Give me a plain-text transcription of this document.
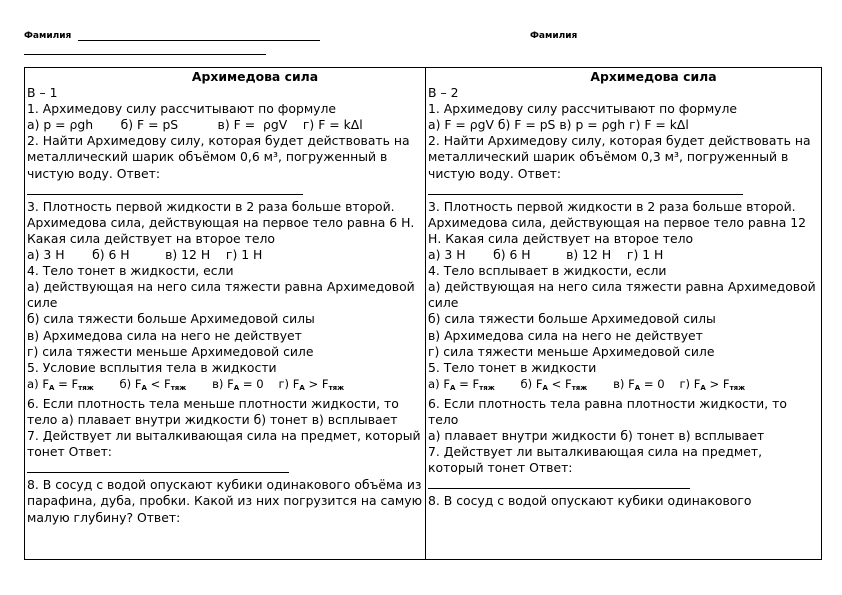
Фамилия	Фамилия
Архимедова сила
В – 1
1. Архимедову силу рассчитывают по формуле
а) p = ρgh       б) F = pS          в) F =  ρgV    г) F = kΔl
2. Найти Архимедову силу, которая будет действовать на металлический шарик объёмом 0,6 м³, погруженный в чистую воду. Ответ:
3. Плотность первой жидкости в 2 раза больше второй. Архимедова сила, действующая на первое тело равна 6 Н. Какая сила действует на второе тело
а) 3 Н       б) 6 Н         в) 12 Н    г) 1 Н
4. Тело тонет в жидкости, если
а) действующая на него сила тяжести равна Архимедовой силе
б) сила тяжести больше Архимедовой силы
в) Архимедова сила на него не действует
г) сила тяжести меньше Архимедовой силе
5. Условие всплытия тела в жидкости
а) $F_A = F_{тяж}$ б) $F_A < F_{тяж}$ в) $F_A = 0$ г) $F_A > F_{тяж}$
6. Если плотность тела меньше плотности жидкости, то тело а) плавает внутри жидкости б) тонет в) всплывает
7. Действует ли выталкивающая сила на предмет, который тонет Ответ:
8. В сосуд с водой опускают кубики одинакового объёма из парафина, дуба, пробки. Какой из них погрузится на самую малую глубину? Ответ:

Архимедова сила
В – 2
1. Архимедову силу рассчитывают по формуле
а) F = ρgV б) F = pS в) p = ρgh г) F = kΔl
2. Найти Архимедову силу, которая будет действовать на металлический шарик объёмом 0,3 м³, погруженный в чистую воду. Ответ:
3. Плотность первой жидкости в 2 раза больше второй. Архимедова сила, действующая на первое тело равна 12 Н. Какая сила действует на второе тело
а) 3 Н       б) 6 Н         в) 12 Н    г) 1 Н
4. Тело всплывает в жидкости, если
а) действующая на него сила тяжести равна Архимедовой силе
б) сила тяжести больше Архимедовой силы
в) Архимедова сила на него не действует
г) сила тяжести меньше Архимедовой силе
5. Тело тонет в жидкости
а) $F_A = F_{тяж}$ б) $F_A < F_{тяж}$ в) $F_A = 0$ г) $F_A > F_{тяж}$
6. Если плотность тела равна плотности жидкости, то тело
а) плавает внутри жидкости б) тонет в) всплывает
7. Действует ли выталкивающая сила на предмет, который тонет Ответ:
8. В сосуд с водой опускают кубики одинакового
